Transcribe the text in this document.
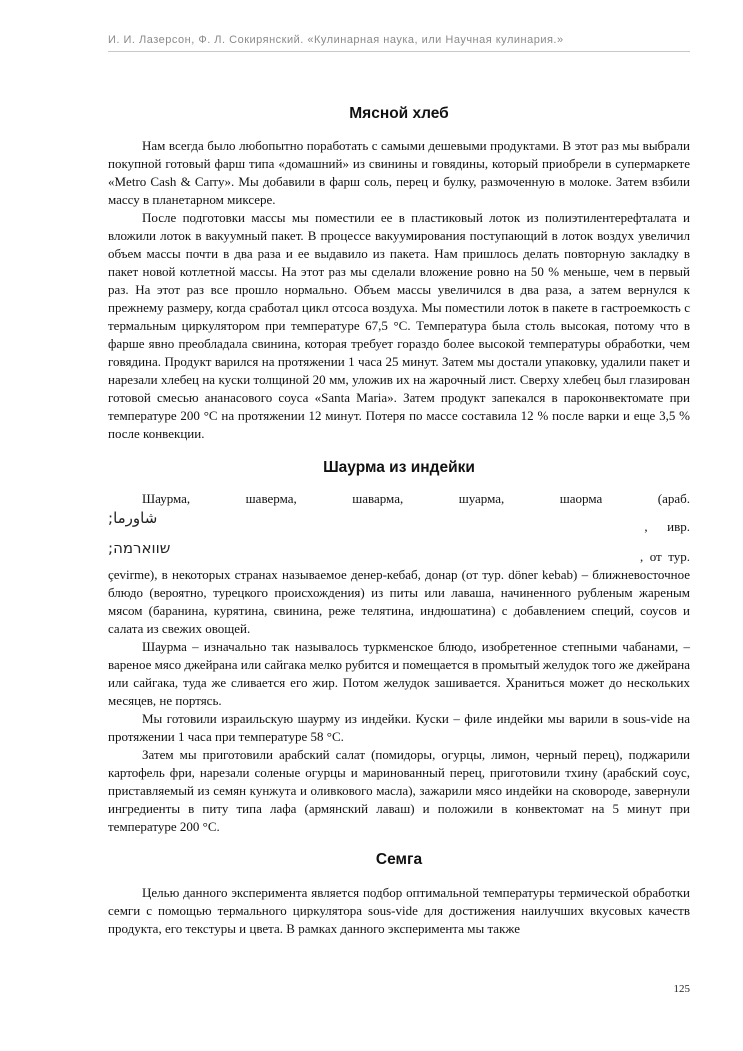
И. И. Лазерсон, Ф. Л. Сокирянский. «Кулинарная наука, или Научная кулинария.»
Мясной хлеб

Нам всегда было любопытно поработать с самыми дешевыми продуктами. В этот раз мы выбрали покупной готовый фарш типа «домашний» из свинины и говядины, который приобрели в супермаркете «Metro Cash & Carry». Мы добавили в фарш соль, перец и булку, размоченную в молоке. Затем взбили массу в планетарном миксере.

После подготовки массы мы поместили ее в пластиковый лоток из полиэтилентерефталата и вложили лоток в вакуумный пакет. В процессе вакуумирования поступающий в лоток воздух увеличил объем массы почти в два раза и ее выдавило из пакета. Нам пришлось делать повторную закладку в пакет новой котлетной массы. На этот раз мы сделали вложение ровно на 50 % меньше, чем в первый раз. На этот раз все прошло нормально. Объем массы увеличился в два раза, а затем вернулся к прежнему размеру, когда сработал цикл отсоса воздуха. Мы поместили лоток в пакете в гастроемкость с термальным циркулятором при температуре 67,5 °С. Температура была столь высокая, потому что в фарше явно преобладала свинина, которая требует гораздо более высокой температуры обработки, чем говядина. Продукт варился на протяжении 1 часа 25 минут. Затем мы достали упаковку, удалили пакет и нарезали хлебец на куски толщиной 20 мм, уложив их на жарочный лист. Сверху хлебец был глазирован готовой смесью ананасового соуса «Santa Maria». Затем продукт запекался в пароконвектомате при температуре 200 °С на протяжении 12 минут. Потеря по массе составила 12 % после варки и еще 3,5 % после конвекции.

Шаурма из индейки
Шаурма,	шаверма,	шаварма,	шуарма,	шаорма	(араб.
شاورما‎;	,      ивр.
שווארמה‎;	,  от  тур.

çevirme), в некоторых странах называемое денер-кебаб, донар (от тур. döner kebab) – ближневосточное блюдо (вероятно, турецкого происхождения) из питы или лаваша, начиненного рубленым жареным мясом (баранина, курятина, свинина, реже телятина, индюшатина) с добавлением специй, соусов и салата из свежих овощей.

Шаурма – изначально так называлось туркменское блюдо, изобретенное степными чабанами, – вареное мясо джейрана или сайгака мелко рубится и помещается в промытый желудок того же джейрана или сайгака, туда же сливается его жир. Потом желудок зашивается. Храниться может до нескольких месяцев, не портясь.

Мы готовили израильскую шаурму из индейки. Куски – филе индейки мы варили в sous-vide на протяжении 1 часа при температуре 58 °С.

Затем мы приготовили арабский салат (помидоры, огурцы, лимон, черный перец), поджарили картофель фри, нарезали соленые огурцы и маринованный перец, приготовили тхину (арабский соус, приставляемый из семян кунжута и оливкового масла), зажарили мясо индейки на сковороде, завернули ингредиенты в питу типа лафа (армянский лаваш) и положили в конвектомат на 5 минут при температуре 200 °С.

Семга

Целью данного эксперимента является подбор оптимальной температуры термической обработки семги с помощью термального циркулятора sous-vide для достижения наилучших вкусовых качеств продукта, его текстуры и цвета. В рамках данного эксперимента мы также

125
